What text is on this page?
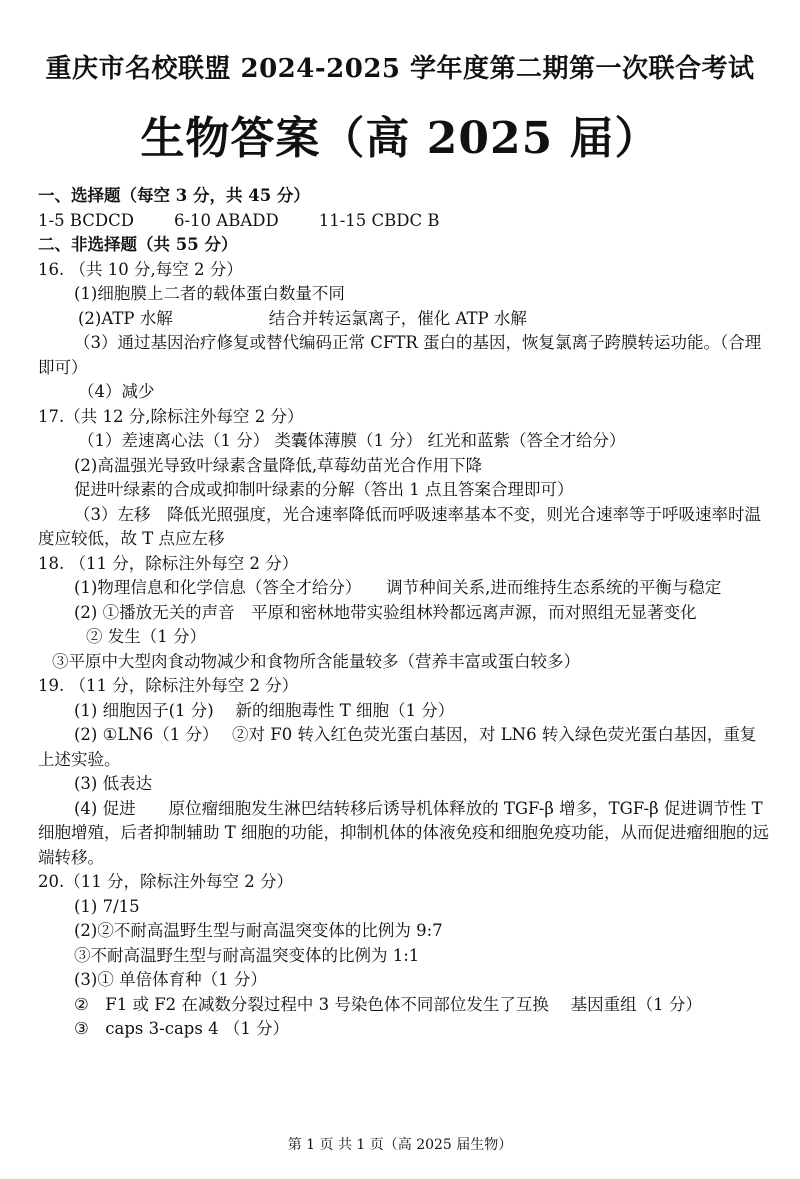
重庆市名校联盟 2024-2025 学年度第二期第一次联合考试
生物答案（高 2025 届）
一、选择题（每空 3 分，共 45 分）
1-5 BCDCD 6-10 ABADD 11-15 CBDC B
二、非选择题（共 55 分）
16. （共 10 分,每空 2 分）
(1)细胞膜上二者的载体蛋白数量不同
(2)ATP 水解	结合并转运氯离子，催化 ATP 水解
（3）通过基因治疗修复或替代编码正常 CFTR 蛋白的基因，恢复氯离子跨膜转运功能。（合理即可）
（4）减少
17.（共 12 分,除标注外每空 2 分）
（1）差速离心法（1 分） 类囊体薄膜（1 分） 红光和蓝紫（答全才给分）
(2)高温强光导致叶绿素含量降低,草莓幼苗光合作用下降
促进叶绿素的合成或抑制叶绿素的分解（答出 1 点且答案合理即可）
（3）左移　降低光照强度，光合速率降低而呼吸速率基本不变，则光合速率等于呼吸速率时温度应较低，故 T 点应左移
18. （11 分，除标注外每空 2 分）
(1)物理信息和化学信息（答全才给分）　　调节种间关系,进而维持生态系统的平衡与稳定
(2) ①播放无关的声音　平原和密林地带实验组林羚都远离声源，而对照组无显著变化
② 发生（1 分）
③平原中大型肉食动物减少和食物所含能量较多（营养丰富或蛋白较多）
19. （11 分，除标注外每空 2 分）
(1) 细胞因子(1 分)　 新的细胞毒性 T 细胞（1 分）
(2) ①LN6（1 分）　 ②对 F0 转入红色荧光蛋白基因，对 LN6 转入绿色荧光蛋白基因，重复上述实验。
(3) 低表达
(4) 促进　　原位瘤细胞发生淋巴结转移后诱导机体释放的 TGF-β 增多，TGF-β 促进调节性 T 细胞增殖，后者抑制辅助 T 细胞的功能，抑制机体的体液免疫和细胞免疫功能，从而促进瘤细胞的远端转移。
20.（11 分，除标注外每空 2 分）
(1) 7/15
(2)②不耐高温野生型与耐高温突变体的比例为 9:7
③不耐高温野生型与耐高温突变体的比例为 1:1
(3)① 单倍体育种（1 分）
②　F1 或 F2 在减数分裂过程中 3 号染色体不同部位发生了互换　 基因重组（1 分）
③　caps 3-caps 4 （1 分）
第 1 页 共 1 页（高 2025 届生物）
